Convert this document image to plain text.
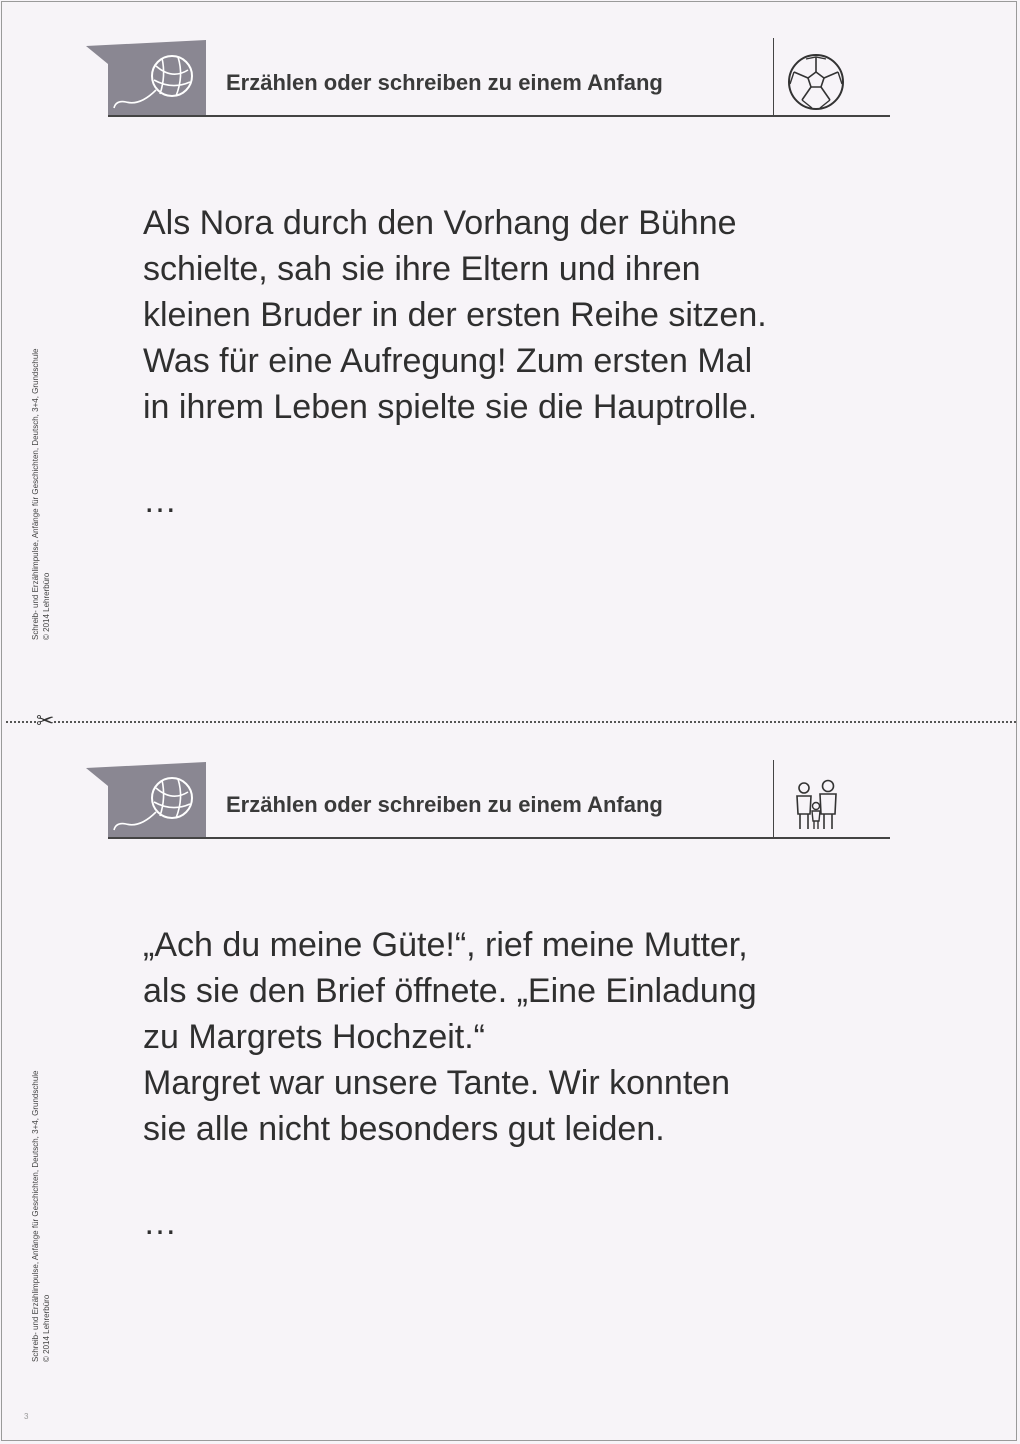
Erzählen oder schreiben zu einem Anfang

Als Nora durch den Vorhang der Bühne

schielte, sah sie ihre Eltern und ihren

kleinen Bruder in der ersten Reihe sitzen.

Was für eine Aufregung! Zum ersten Mal

in ihrem Leben spielte sie die Hauptrolle.

…
Schreib- und Erzählimpulse, Anfänge für Geschichten, Deutsch, 3+4, Grundschule © 2014 Lehrerbüro
✂
Erzählen oder schreiben zu einem Anfang

„Ach du meine Güte!“, rief meine Mutter,

als sie den Brief öffnete. „Eine Einladung

zu Margrets Hochzeit.“

Margret war unsere Tante. Wir konnten

sie alle nicht besonders gut leiden.

…
Schreib- und Erzählimpulse, Anfänge für Geschichten, Deutsch, 3+4, Grundschule © 2014 Lehrerbüro
3
